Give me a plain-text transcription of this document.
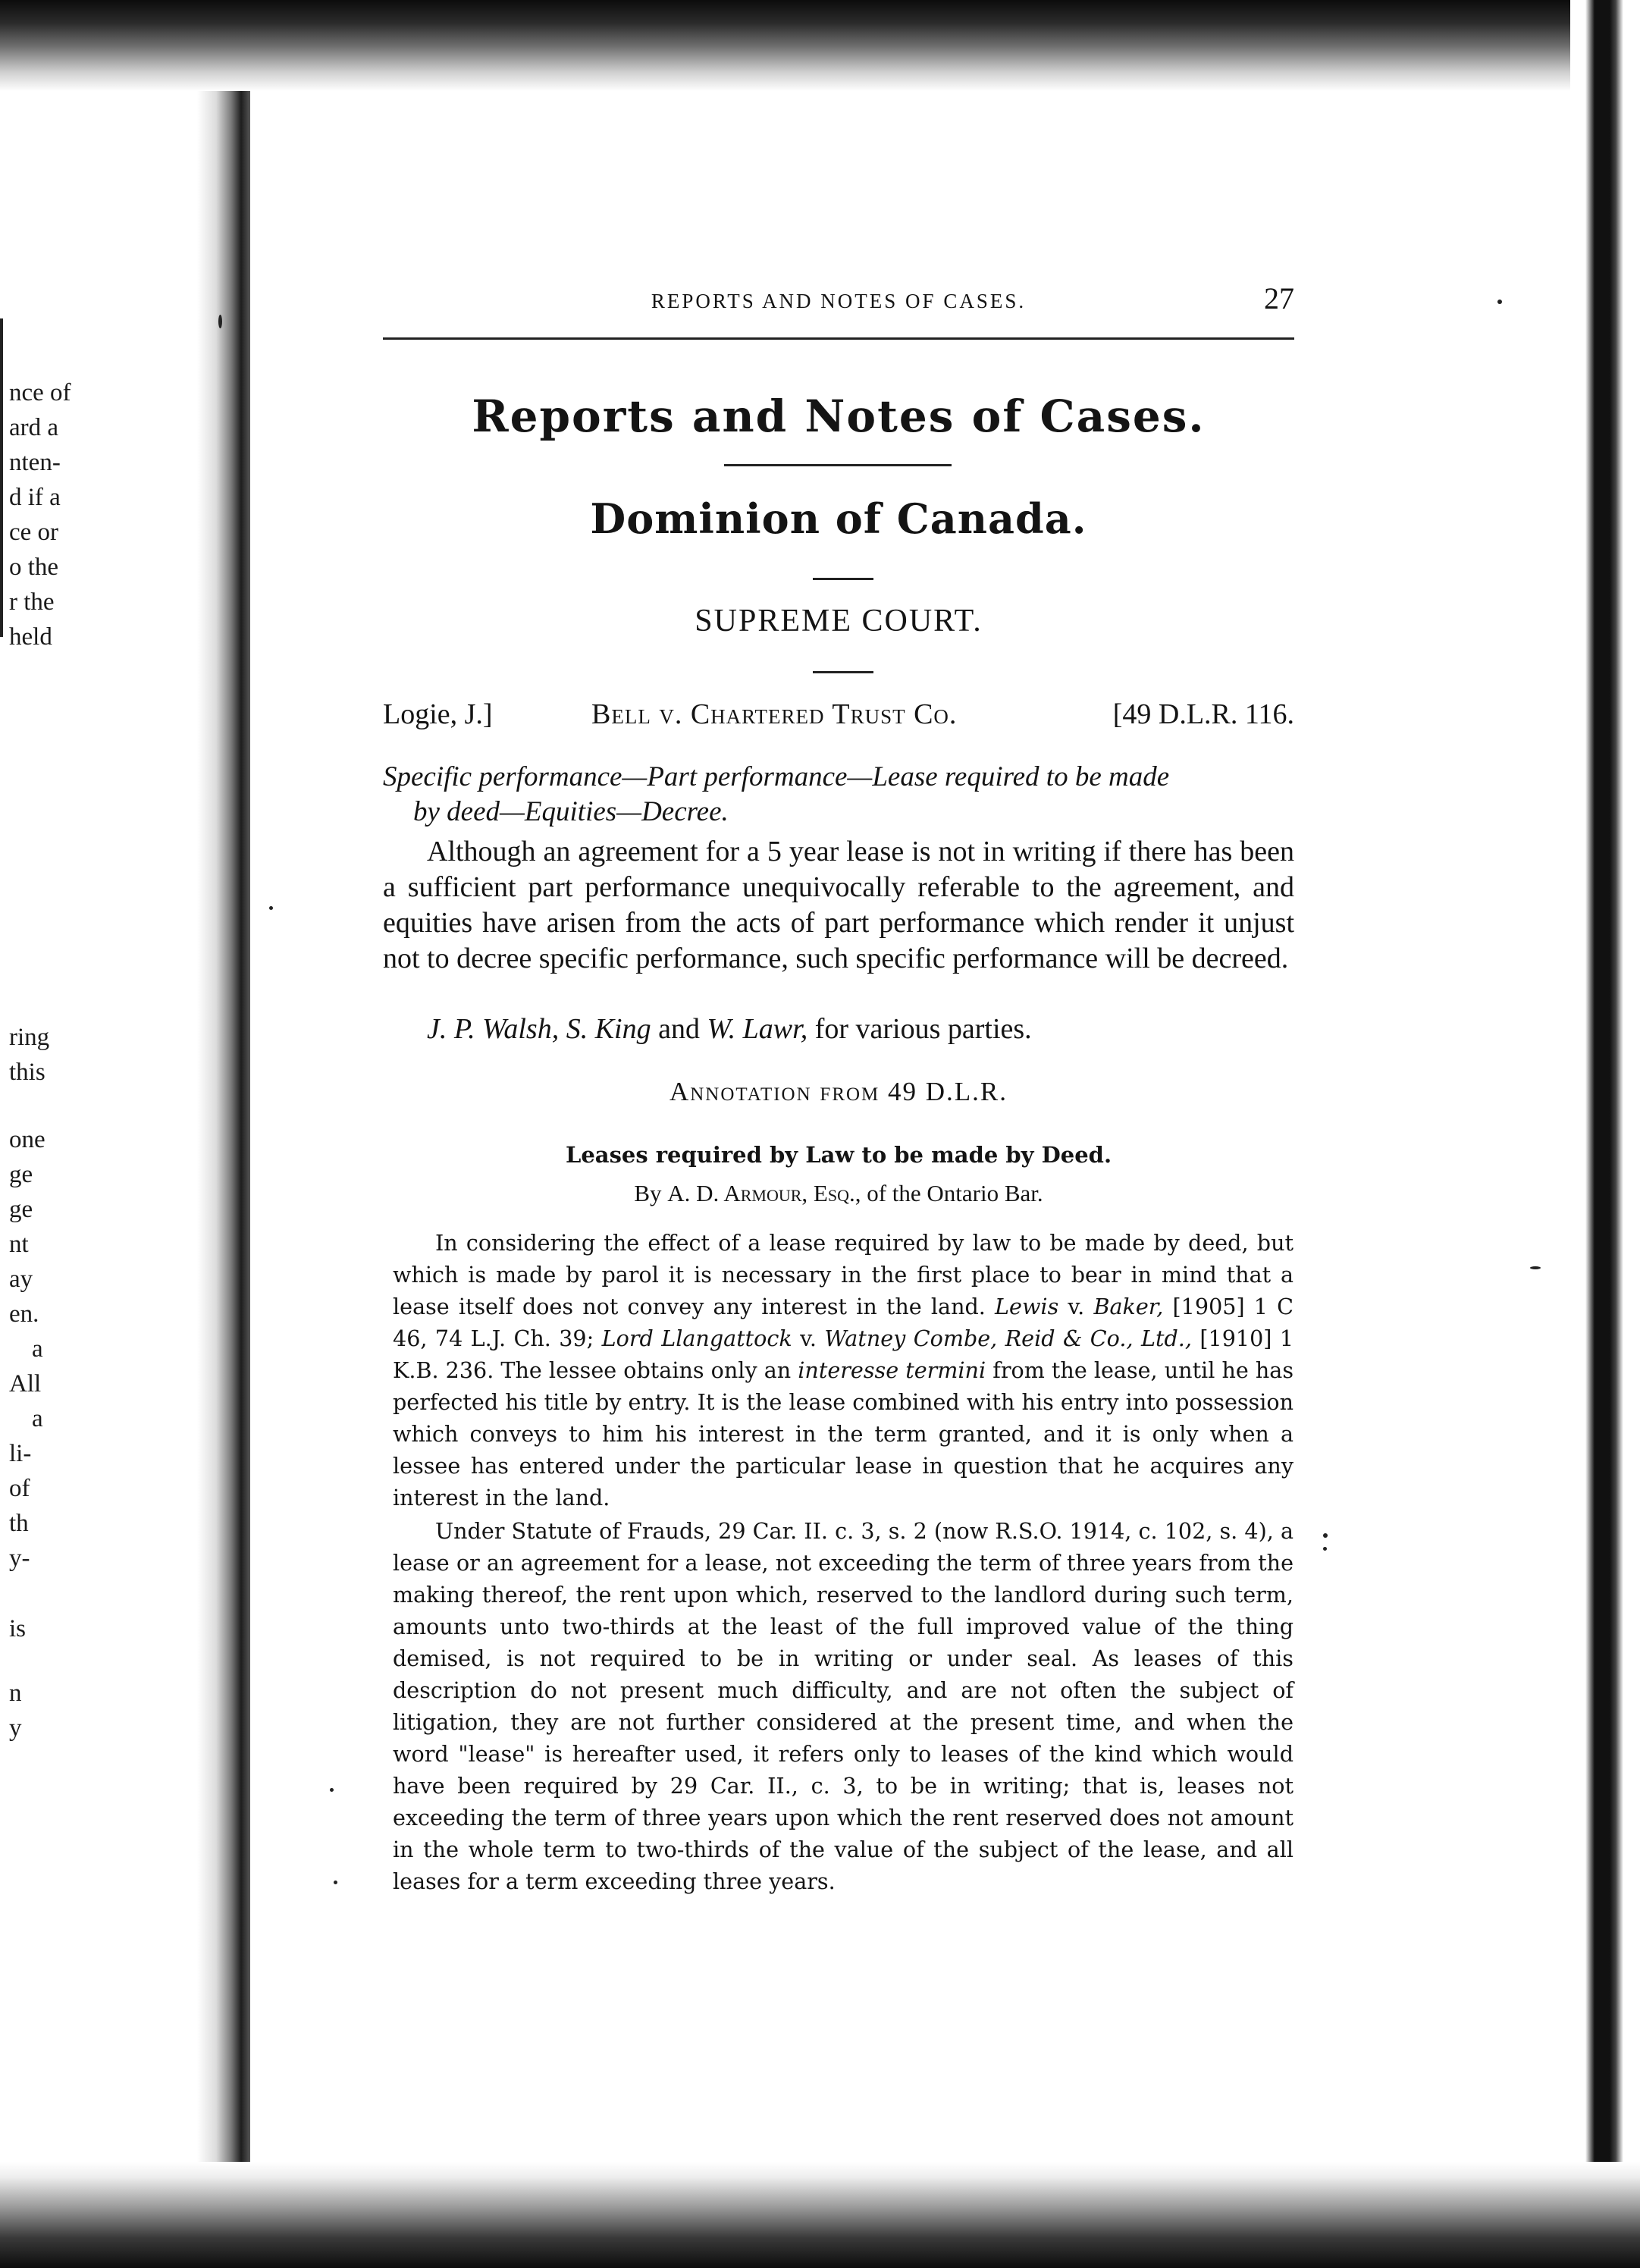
nce of
ard a
nten-
d if a
ce or
o the
r the
held
ring
this
one
ge
ge
nt
ay
en.
a
All
a
li-
of
th
y-
is
n
y
REPORTS AND NOTES OF CASES.	27
Reports and Notes of Cases.
Dominion of Canada.
SUPREME COURT.
Logie, J.]	Bell v. Chartered Trust Co.	[49 D.L.R. 116.
Specific performance—Part performance—Lease required to be made
by deed—Equities—Decree.

Although an agreement for a 5 year lease is not in writing if there has been a sufficient part performance unequivocally referable to the agreement, and equities have arisen from the acts of part performance which render it unjust not to decree specific performance, such specific performance will be decreed.

J. P. Walsh, S. King and W. Lawr, for various parties.
Annotation from 49 D.L.R.
Leases required by Law to be made by Deed.
By A. D. Armour, Esq., of the Ontario Bar.

In considering the effect of a lease required by law to be made by deed, but which is made by parol it is necessary in the first place to bear in mind that a lease itself does not convey any interest in the land. Lewis v. Baker, [1905] 1 C 46, 74 L.J. Ch. 39; Lord Llangattock v. Watney Combe, Reid & Co., Ltd., [1910] 1 K.B. 236. The lessee obtains only an interesse termini from the lease, until he has perfected his title by entry. It is the lease combined with his entry into possession which conveys to him his interest in the term granted, and it is only when a lessee has entered under the particular lease in question that he acquires any interest in the land.

Under Statute of Frauds, 29 Car. II. c. 3, s. 2 (now R.S.O. 1914, c. 102, s. 4), a lease or an agreement for a lease, not exceeding the term of three years from the making thereof, the rent upon which, reserved to the landlord during such term, amounts unto two-thirds at the least of the full improved value of the thing demised, is not required to be in writing or under seal. As leases of this description do not present much difficulty, and are not often the subject of litigation, they are not further considered at the present time, and when the word "lease" is hereafter used, it refers only to leases of the kind which would have been required by 29 Car. II., c. 3, to be in writing; that is, leases not exceeding the term of three years upon which the rent reserved does not amount in the whole term to two-thirds of the value of the subject of the lease, and all leases for a term exceeding three years.
